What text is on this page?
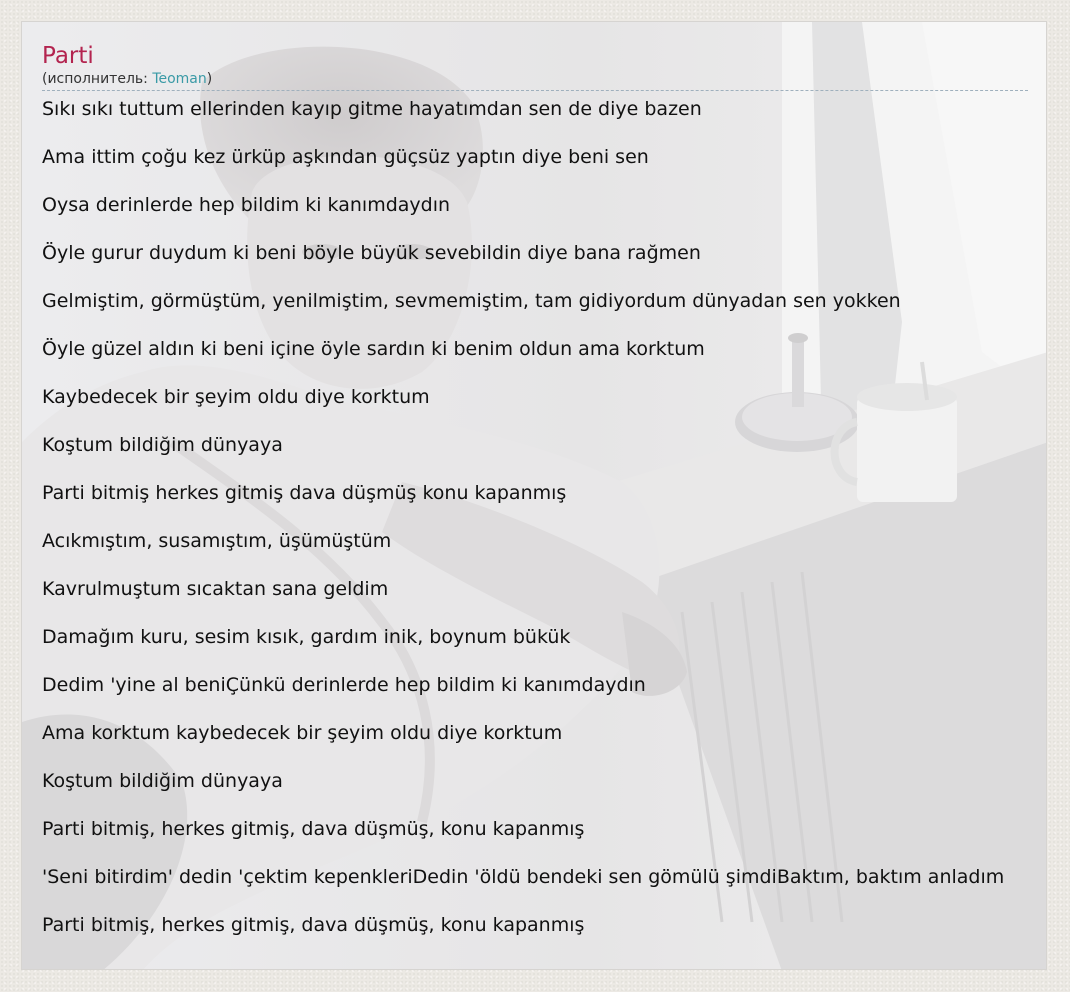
Parti
(исполнитель: Teoman)
Sıkı sıkı tuttum ellerinden kayıp gitme hayatımdan sen de diye bazen
Ama ittim çoğu kez ürküp aşkından güçsüz yaptın diye beni sen
Oysa derinlerde hep bildim ki kanımdaydın
Öyle gurur duydum ki beni böyle büyük sevebildin diye bana rağmen
Gelmiştim, görmüştüm, yenilmiştim, sevmemiştim, tam gidiyordum dünyadan sen yokken
Öyle güzel aldın ki beni içine öyle sardın ki benim oldun ama korktum
Kaybedecek bir şeyim oldu diye korktum
Koştum bildiğim dünyaya
Parti bitmiş herkes gitmiş dava düşmüş konu kapanmış
Acıkmıştım, susamıştım, üşümüştüm
Kavrulmuştum sıcaktan sana geldim
Damağım kuru, sesim kısık, gardım inik, boynum bükük
Dedim 'yine al beniÇünkü derinlerde hep bildim ki kanımdaydın
Ama korktum kaybedecek bir şeyim oldu diye korktum
Koştum bildiğim dünyaya
Parti bitmiş, herkes gitmiş, dava düşmüş, konu kapanmış
'Seni bitirdim' dedin 'çektim kepenkleriDedin 'öldü bendeki sen gömülü şimdiBaktım, baktım anladım
Parti bitmiş, herkes gitmiş, dava düşmüş, konu kapanmış
